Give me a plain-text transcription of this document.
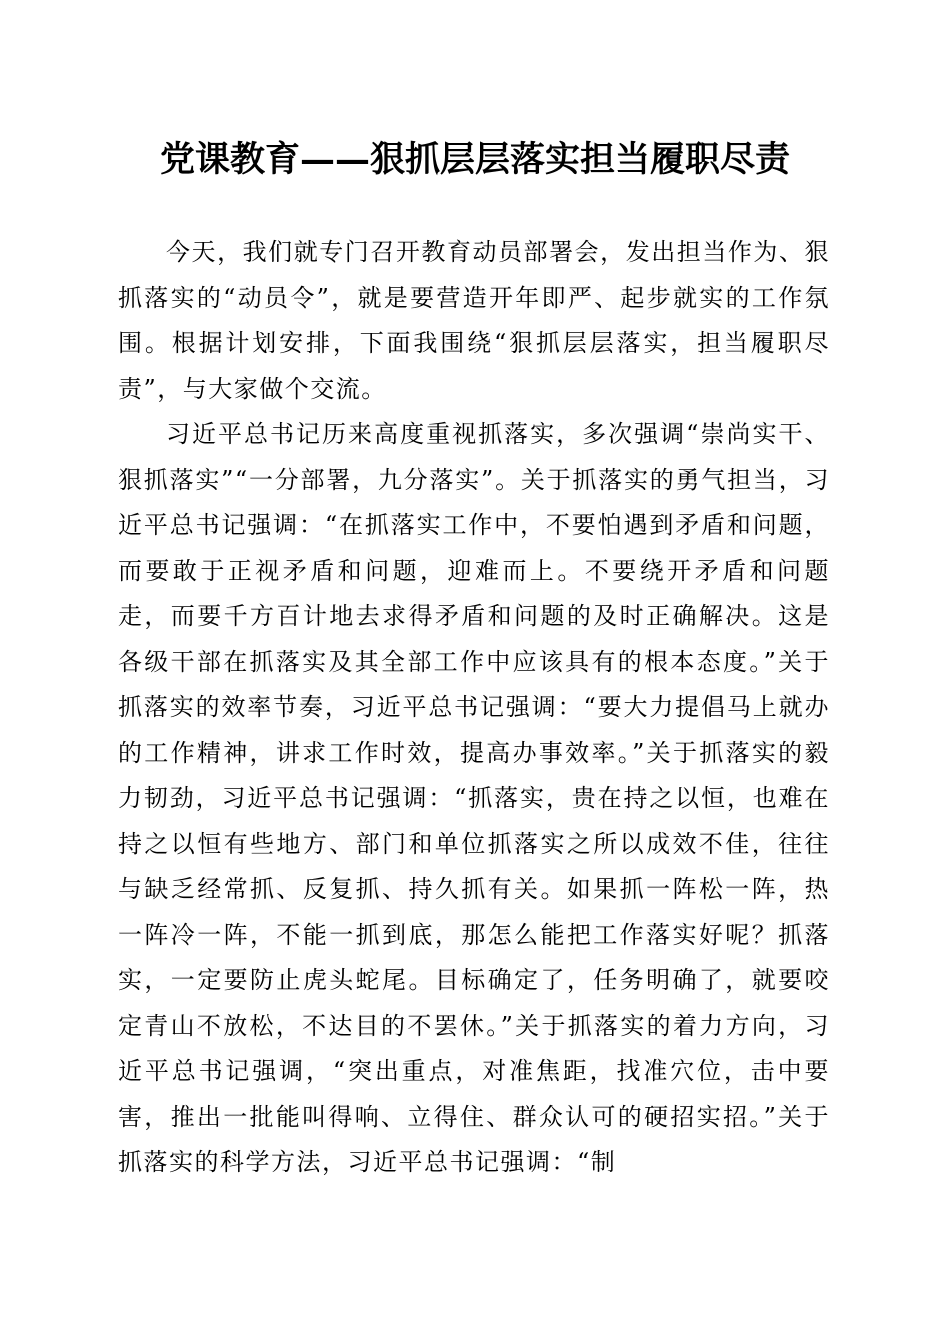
党课教育——狠抓层层落实担当履职尽责

今天，我们就专门召开教育动员部署会，发出担当作为、狠抓落实的“动员令”，就是要营造开年即严、起步就实的工作氛围。根据计划安排，下面我围绕“狠抓层层落实，担当履职尽责”，与大家做个交流。

习近平总书记历来高度重视抓落实，多次强调“崇尚实干、狠抓落实”“一分部署，九分落实”。关于抓落实的勇气担当，习近平总书记强调：“在抓落实工作中，不要怕遇到矛盾和问题，而要敢于正视矛盾和问题，迎难而上。不要绕开矛盾和问题走，而要千方百计地去求得矛盾和问题的及时正确解决。这是各级干部在抓落实及其全部工作中应该具有的根本态度。”关于抓落实的效率节奏，习近平总书记强调：“要大力提倡马上就办的工作精神，讲求工作时效，提高办事效率。”关于抓落实的毅力韧劲，习近平总书记强调：“抓落实，贵在持之以恒，也难在持之以恒有些地方、部门和单位抓落实之所以成效不佳，往往与缺乏经常抓、反复抓、持久抓有关。如果抓一阵松一阵，热一阵冷一阵，不能一抓到底，那怎么能把工作落实好呢？抓落实，一定要防止虎头蛇尾。目标确定了，任务明确了，就要咬定青山不放松，不达目的不罢休。”关于抓落实的着力方向，习近平总书记强调，“突出重点，对准焦距，找准穴位，击中要害，推出一批能叫得响、立得住、群众认可的硬招实招。”关于抓落实的科学方法，习近平总书记强调：“制
